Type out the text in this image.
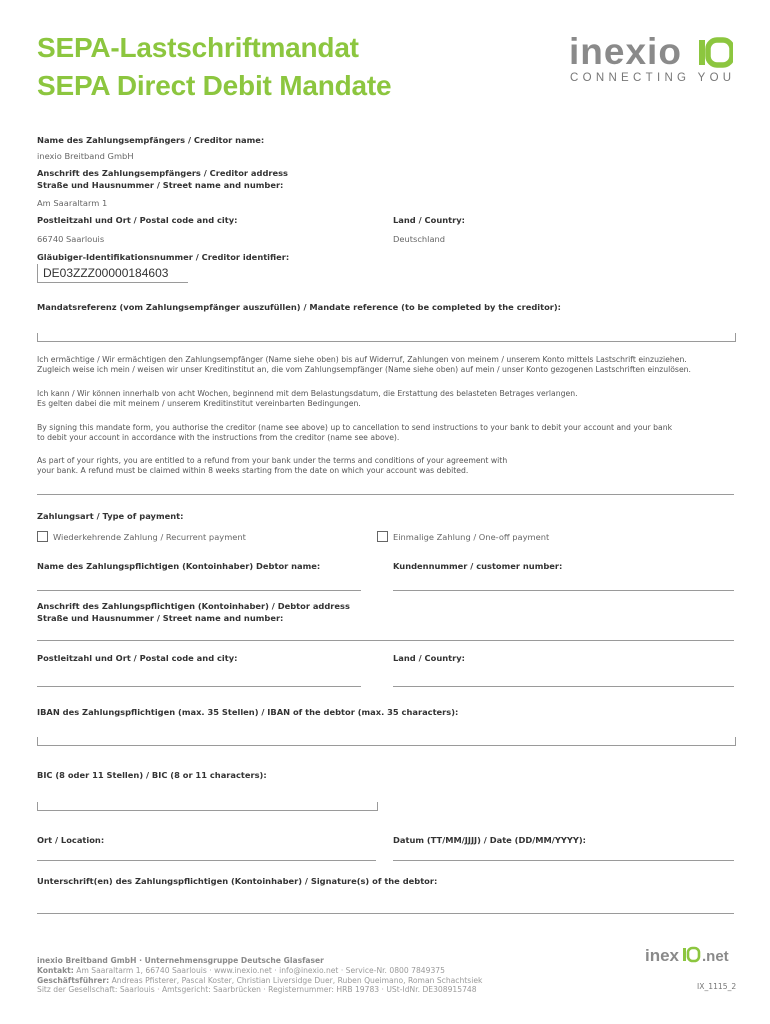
SEPA-Lastschriftmandat
SEPA Direct Debit Mandate
inexio
CONNECTING YOU
Name des Zahlungsempfängers / Creditor name:
inexio Breitband GmbH
Anschrift des Zahlungsempfängers / Creditor address
Straße und Hausnummer / Street name and number:
Am Saaraltarm 1
Postleitzahl und Ort / Postal code and city:	Land / Country:
66740 Saarlouis	Deutschland
Gläubiger-Identifikationsnummer / Creditor identifier:
DE03ZZZ00000184603
Mandatsreferenz (vom Zahlungsempfänger auszufüllen) / Mandate reference (to be completed by the creditor):
Ich ermächtige / Wir ermächtigen den Zahlungsempfänger (Name siehe oben) bis auf Widerruf, Zahlungen von meinem / unserem Konto mittels Lastschrift einzuziehen.
Zugleich weise ich mein / weisen wir unser Kreditinstitut an, die vom Zahlungsempfänger (Name siehe oben) auf mein / unser Konto gezogenen Lastschriften einzulösen.
Ich kann / Wir können innerhalb von acht Wochen, beginnend mit dem Belastungsdatum, die Erstattung des belasteten Betrages verlangen.
Es gelten dabei die mit meinem / unserem Kreditinstitut vereinbarten Bedingungen.
By signing this mandate form, you authorise the creditor (name see above) up to cancellation to send instructions to your bank to debit your account and your bank
to debit your account in accordance with the instructions from the creditor (name see above).
As part of your rights, you are entitled to a refund from your bank under the terms and conditions of your agreement with
your bank. A refund must be claimed within 8 weeks starting from the date on which your account was debited.
Zahlungsart / Type of payment:
Wiederkehrende Zahlung / Recurrent payment	Einmalige Zahlung / One-off payment
Name des Zahlungspflichtigen (Kontoinhaber) Debtor name:	Kundennummer / customer number:
Anschrift des Zahlungspflichtigen (Kontoinhaber) / Debtor address
Straße und Hausnummer / Street name and number:
Postleitzahl und Ort / Postal code and city:	Land / Country:
IBAN des Zahlungspflichtigen (max. 35 Stellen) / IBAN of the debtor (max. 35 characters):
BIC (8 oder 11 Stellen) / BIC (8 or 11 characters):
Ort / Location:	Datum (TT/MM/JJJJ) / Date (DD/MM/YYYY):
Unterschrift(en) des Zahlungspflichtigen (Kontoinhaber) / Signature(s) of the debtor:
inexio Breitband GmbH · Unternehmensgruppe Deutsche Glasfaser
Kontakt: Am Saaraltarm 1, 66740 Saarlouis · www.inexio.net · info@inexio.net · Service-Nr. 0800 7849375
Geschäftsführer: Andreas Pfisterer, Pascal Koster, Christian Liversidge Duer, Ruben Queimano, Roman Schachtsiek
Sitz der Gesellschaft: Saarlouis · Amtsgericht: Saarbrücken · Registernummer: HRB 19783 · USt-IdNr. DE308915748
inex .net
IX_1115_2
